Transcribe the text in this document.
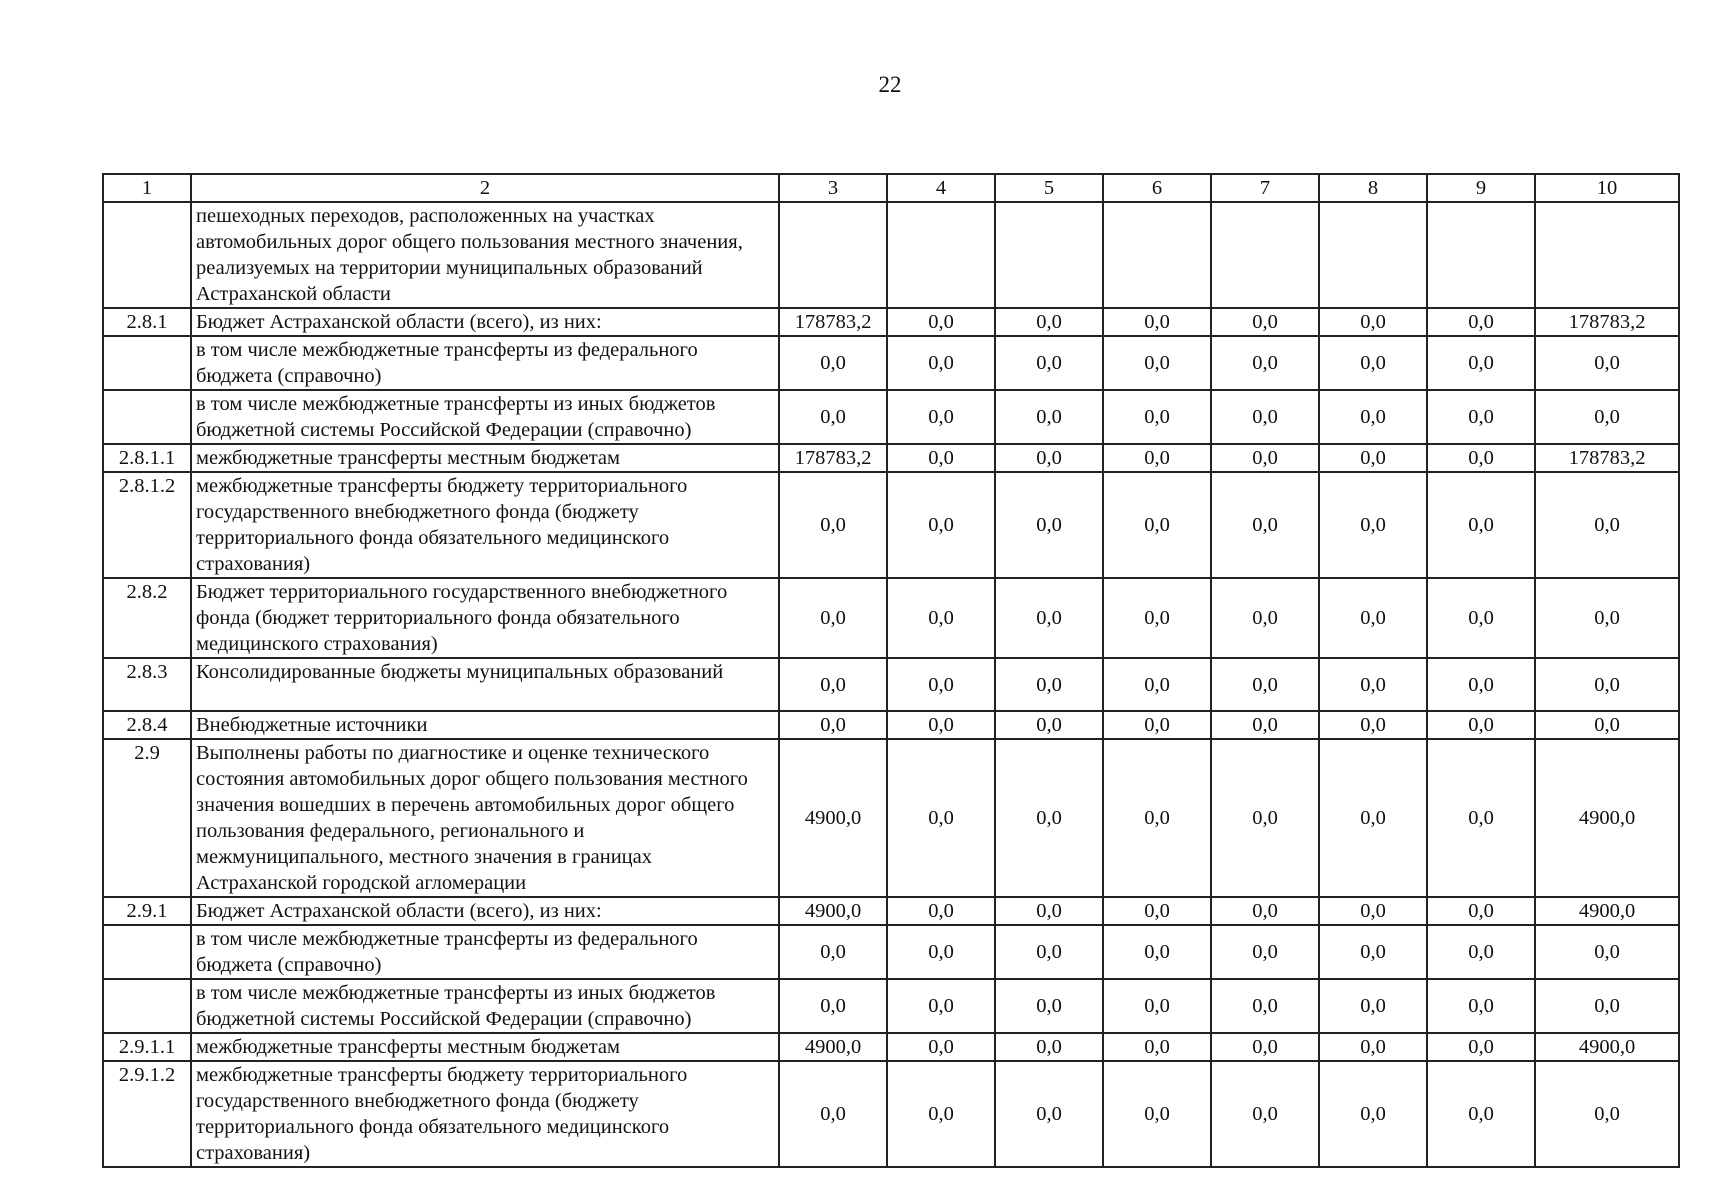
22
1	2	3	4	5	6	7	8	9	10
	пешеходных переходов, расположенных на участках автомобильных дорог общего пользования местного значения, реализуемых на территории муниципальных образований Астраханской области								
2.8.1	Бюджет Астраханской области (всего), из них:	178783,2	0,0	0,0	0,0	0,0	0,0	0,0	178783,2
	в том числе межбюджетные трансферты из федерального бюджета (справочно)	0,0	0,0	0,0	0,0	0,0	0,0	0,0	0,0
	в том числе межбюджетные трансферты из иных бюджетов бюджетной системы Российской Федерации (справочно)	0,0	0,0	0,0	0,0	0,0	0,0	0,0	0,0
2.8.1.1	межбюджетные трансферты местным бюджетам	178783,2	0,0	0,0	0,0	0,0	0,0	0,0	178783,2
2.8.1.2	межбюджетные трансферты бюджету территориального государственного внебюджетного фонда (бюджету территориального фонда обязательного медицинского страхования)	0,0	0,0	0,0	0,0	0,0	0,0	0,0	0,0
2.8.2	Бюджет территориального государственного внебюджетного фонда (бюджет территориального фонда обязательного медицинского страхования)	0,0	0,0	0,0	0,0	0,0	0,0	0,0	0,0
2.8.3	Консолидированные бюджеты муниципальных образований	0,0	0,0	0,0	0,0	0,0	0,0	0,0	0,0
2.8.4	Внебюджетные источники	0,0	0,0	0,0	0,0	0,0	0,0	0,0	0,0
2.9	Выполнены работы по диагностике и оценке технического состояния автомобильных дорог общего пользования местного значения вошедших в перечень автомобильных дорог общего пользования федерального, регионального и межмуниципального, местного значения в границах Астраханской городской агломерации	4900,0	0,0	0,0	0,0	0,0	0,0	0,0	4900,0
2.9.1	Бюджет Астраханской области (всего), из них:	4900,0	0,0	0,0	0,0	0,0	0,0	0,0	4900,0
	в том числе межбюджетные трансферты из федерального бюджета (справочно)	0,0	0,0	0,0	0,0	0,0	0,0	0,0	0,0
	в том числе межбюджетные трансферты из иных бюджетов бюджетной системы Российской Федерации (справочно)	0,0	0,0	0,0	0,0	0,0	0,0	0,0	0,0
2.9.1.1	межбюджетные трансферты местным бюджетам	4900,0	0,0	0,0	0,0	0,0	0,0	0,0	4900,0
2.9.1.2	межбюджетные трансферты бюджету территориального государственного внебюджетного фонда (бюджету территориального фонда обязательного медицинского страхования)	0,0	0,0	0,0	0,0	0,0	0,0	0,0	0,0
